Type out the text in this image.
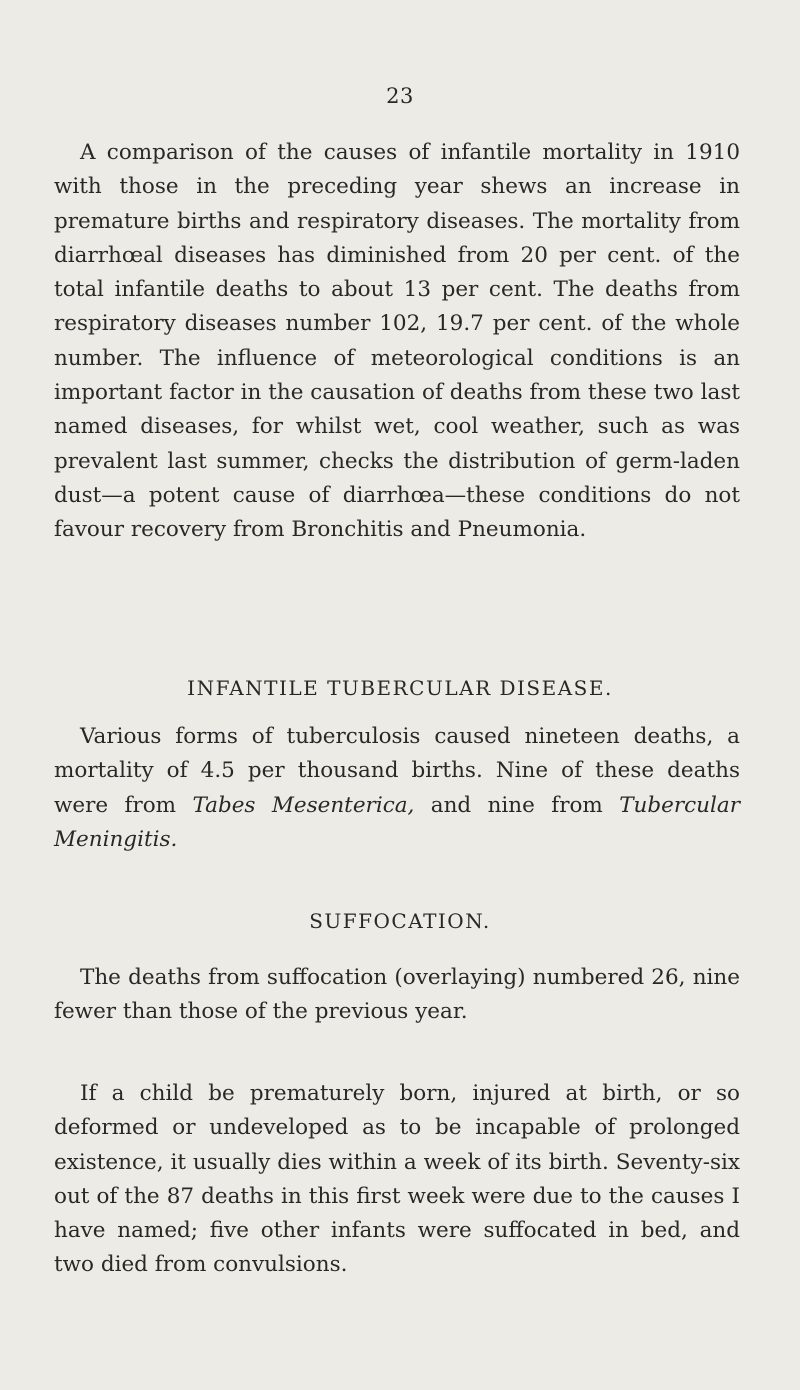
23

A comparison of the causes of infantile mortality in 1910 with those in the preceding year shews an increase in premature births and respiratory diseases. The mortality from diarrhœal diseases has diminished from 20 per cent. of the total infantile deaths to about 13 per cent. The deaths from respiratory diseases number 102, 19.7 per cent. of the whole number. The influence of meteorological conditions is an important factor in the causation of deaths from these two last named diseases, for whilst wet, cool weather, such as was prevalent last summer, checks the distribution of germ-laden dust—a potent cause of diarrhœa—these conditions do not favour recovery from Bronchitis and Pneumonia.

INFANTILE TUBERCULAR DISEASE.

Various forms of tuberculosis caused nineteen deaths, a mortality of 4.5 per thousand births. Nine of these deaths were from Tabes Mesenterica, and nine from Tubercular Meningitis.

SUFFOCATION.

The deaths from suffocation (overlaying) numbered 26, nine fewer than those of the previous year.

If a child be prematurely born, injured at birth, or so deformed or undeveloped as to be incapable of prolonged existence, it usually dies within a week of its birth. Seventy-six out of the 87 deaths in this first week were due to the causes I have named; five other infants were suffocated in bed, and two died from convulsions.
